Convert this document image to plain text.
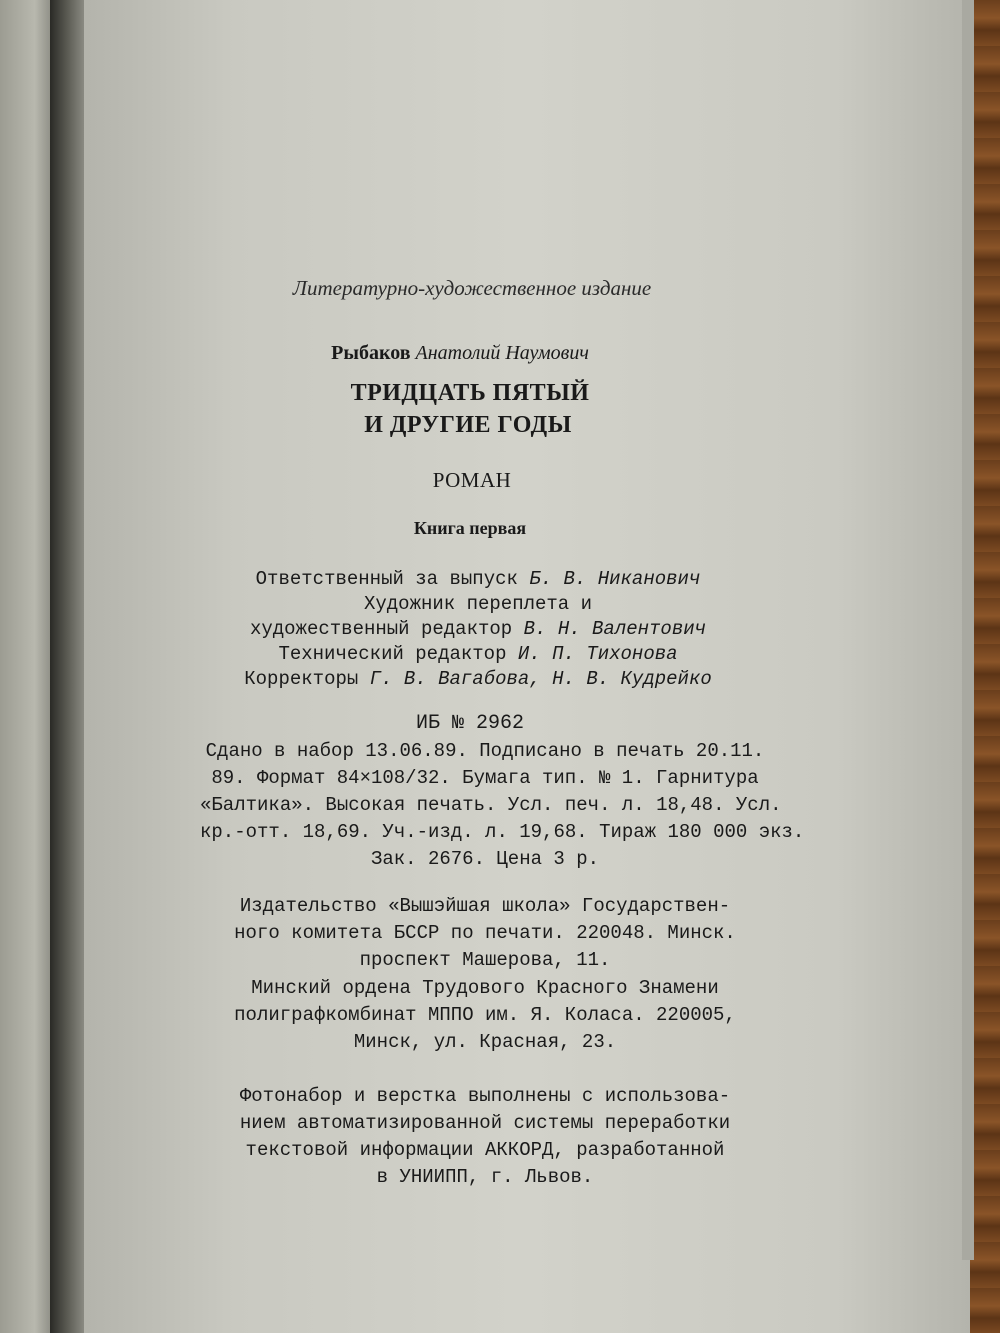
Литературно-художественное издание
Рыбаков Анатолий Наумович
ТРИДЦАТЬ ПЯТЫЙ
И ДРУГИЕ ГОДЫ
РОМАН
Книга первая
Ответственный за выпуск Б. В. Никанович
Художник переплета и
художественный редактор В. Н. Валентович
Технический редактор И. П. Тихонова
Корректоры Г. В. Вагабова, Н. В. Кудрейко
ИБ № 2962
Сдано в набор 13.06.89. Подписано в печать 20.11.
89. Формат 84×108/32. Бумага тип. № 1. Гарнитура
«Балтика». Высокая печать. Усл. печ. л. 18,48. Усл.
кр.-отт. 18,69. Уч.-изд. л. 19,68. Тираж 180 000 экз.
Зак. 2676. Цена 3 р.
Издательство «Вышэйшая школа» Государствен-
ного комитета БССР по печати. 220048. Минск.
проспект Машерова, 11.
Минский ордена Трудового Красного Знамени
полиграфкомбинат МППО им. Я. Коласа. 220005,
Минск, ул. Красная, 23.
Фотонабор и верстка выполнены с использова-
нием автоматизированной системы переработки
текстовой информации АККОРД, разработанной
в УНИИПП, г. Львов.
